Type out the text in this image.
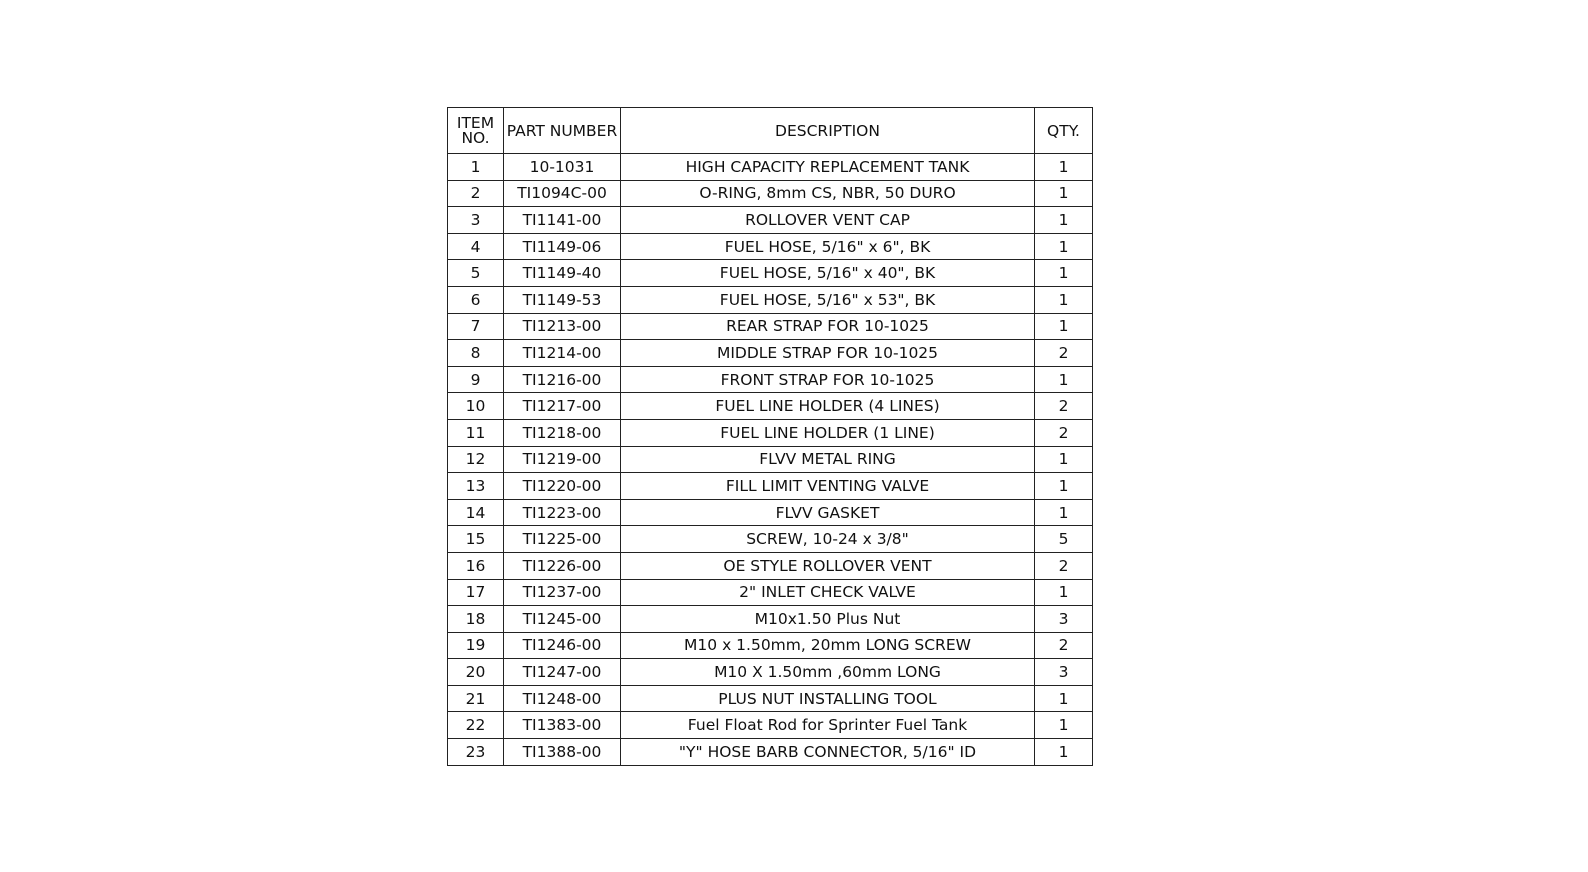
ITEM
NO.	PART NUMBER	DESCRIPTION	QTY.
1	10-1031	HIGH CAPACITY REPLACEMENT TANK	1
2	TI1094C-00	O-RING, 8mm CS, NBR, 50 DURO	1
3	TI1141-00	ROLLOVER VENT CAP	1
4	TI1149-06	FUEL HOSE, 5/16" x 6", BK	1
5	TI1149-40	FUEL HOSE, 5/16" x 40", BK	1
6	TI1149-53	FUEL HOSE, 5/16" x 53", BK	1
7	TI1213-00	REAR STRAP FOR 10-1025	1
8	TI1214-00	MIDDLE STRAP FOR 10-1025	2
9	TI1216-00	FRONT STRAP FOR 10-1025	1
10	TI1217-00	FUEL LINE HOLDER (4 LINES)	2
11	TI1218-00	FUEL LINE HOLDER (1 LINE)	2
12	TI1219-00	FLVV METAL RING	1
13	TI1220-00	FILL LIMIT VENTING VALVE	1
14	TI1223-00	FLVV GASKET	1
15	TI1225-00	SCREW, 10-24 x 3/8"	5
16	TI1226-00	OE STYLE ROLLOVER VENT	2
17	TI1237-00	2" INLET CHECK VALVE	1
18	TI1245-00	M10x1.50 Plus Nut	3
19	TI1246-00	M10 x 1.50mm, 20mm LONG SCREW	2
20	TI1247-00	M10 X 1.50mm ,60mm LONG	3
21	TI1248-00	PLUS NUT INSTALLING TOOL	1
22	TI1383-00	Fuel Float Rod for Sprinter Fuel Tank	1
23	TI1388-00	"Y" HOSE BARB CONNECTOR, 5/16" ID	1
